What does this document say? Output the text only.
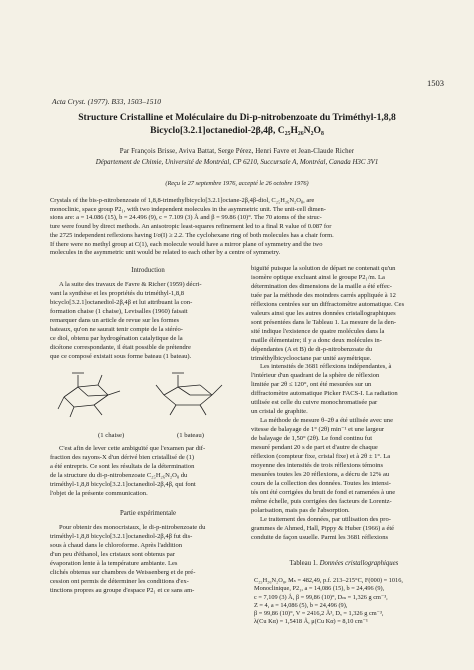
1503
Acta Cryst. (1977). B33, 1503–1510
Structure Cristalline et Moléculaire du Di-p-nitrobenzoate du Triméthyl-1,8,8
Bicyclo[3.2.1]octanediol-2β,4β, C₂₅H₂₆N₂O₈
Par François Brisse, Aviva Battat, Serge Pérez, Henri Favre et Jean-Claude Richer
Département de Chimie, Université de Montréal, CP 6210, Succursale A, Montréal, Canada H3C 3V1
(Reçu le 27 septembre 1976, accepté le 26 octobre 1976)
Crystals of the bis-p-nitrobenzoate of 1,8,8-trimethylbicyclo[3.2.1]octane-2β,4β-diol, C₂₅H₂₆N₂O₈, are
monoclinic, space group P2₁, with two independent molecules in the asymmetric unit. The unit-cell dimen-
sions are: a = 14.086 (15), b = 24.496 (9), c = 7.109 (3) Å and β = 99.86 (10)°. The 70 atoms of the struc-
ture were found by direct methods. An anisotropic least-squares refinement led to a final R value of 0.087 for
the 2725 independent reflexions having I/σ(I) ≥ 2.2. The cyclohexane ring of both molecules has a chair form.
If there were no methyl group at C(1), each molecule would have a mirror plane of symmetry and the two
molecules in the asymmetric unit would be related to each other by a centre of symmetry.
Introduction
A la suite des travaux de Favre & Richer (1959) décri-
vant la synthèse et les propriétés du triméthyl-1,8,8
bicyclo[3.2.1]octanediol-2β,4β et lui attribuant la con-
formation chaise (1 chaise), Levisalles (1960) faisait
remarquer dans un article de revue sur les formes
bateaux, qu'on ne saurait tenir compte de la stéréo-
ce diol, obtenu par hydrogénation catalytique de la
dicétone correspondante, il était possible de prétendre
que ce composé existait sous forme bateau (1 bateau).
(1 chaise)	(1 bateau)
C'est afin de lever cette ambiguïté que l'examen par dif-
fraction des rayons-X d'un dérivé bien cristallisé de (1)
a été entrepris. Ce sont les résultats de la détermination
de la structure du di-p-nitrobenzoate C₂₅H₂₆N₂O₈ du
triméthyl-1,8,8 bicyclo[3.2.1]octanediol-2β,4β, qui font
l'objet de la présente communication.
Partie expérimentale
Pour obtenir des monocristaux, le di-p-nitrobenzoate du
triméthyl-1,8,8 bicyclo[3.2.1]octanediol-2β,4β fut dis-
sous à chaud dans le chloroforme. Après l'addition
d'un peu d'éthanol, les cristaux sont obtenus par
évaporation lente à la température ambiante. Les
clichés obtenus sur chambres de Weissenberg et de pré-
cession ont permis de déterminer les conditions d'ex-
tinctions propres au groupe d'espace P2₁ et ce sans am-
biguïté puisque la solution de départ ne contenait qu'un
isomère optique excluant ainsi le groupe P2₁/m. La
détermination des dimensions de la maille a été effec-
tuée par la méthode des moindres carrés appliquée à 12
réflexions centrées sur un diffractomètre automatique. Ces
valeurs ainsi que les autres données cristallographiques
sont présentées dans le Tableau 1. La mesure de la den-
sité indique l'existence de quatre molécules dans la
maille élémentaire; il y a donc deux molécules in-
dépendantes (A et B) de di-p-nitrobenzoate du
triméthylbicyclooctane par unité asymétrique.
Les intensités de 3681 réflexions indépendantes, à
l'intérieur d'un quadrant de la sphère de réflexion
limitée par 2θ ≤ 120°, ont été mesurées sur un
diffractomètre automatique Picker FACS-I. La radiation
utilisée est celle du cuivre monochromatisée par
un cristal de graphite.
La méthode de mesure θ–2θ a été utilisée avec une
vitesse de balayage de 1° (2θ) min⁻¹ et une largeur
de balayage de 1,50° (2θ). Le fond continu fut
mesuré pendant 20 s de part et d'autre de chaque
réflexion (compteur fixe, cristal fixe) et à 2θ ± 1°. La
moyenne des intensités de trois réflexions témoins
mesurées toutes les 20 réflexions, a décru de 12% au
cours de la collection des données. Toutes les intensi-
tés ont été corrigées du bruit de fond et ramenées à une
même échelle, puis corrigées des facteurs de Lorentz-
polarisation, mais pas de l'absorption.
Le traitement des données, par utilisation des pro-
grammes de Ahmed, Hall, Pippy & Huber (1966) a été
conduite de façon usuelle. Parmi les 3681 réflexions
Tableau 1. Données cristallographiques
C₂₅H₂₆N₂O₈, Mₛ = 482,49, p.f. 213–215°C, F(000) = 1016,
Monoclinique, P2₁, a = 14,086 (15), b = 24,496 (9),
c = 7,109 (3) Å, β = 99,86 (10)°, Dₘ = 1,326 g cm⁻³,
Z = 4, a = 14,086 (5), b = 24,496 (9),
β = 99,86 (10)°, V = 2416,2 Å³, Dₓ = 1,326 g cm⁻³,
λ(Cu Kα) = 1,5418 Å, μ(Cu Kα) = 8,10 cm⁻¹
